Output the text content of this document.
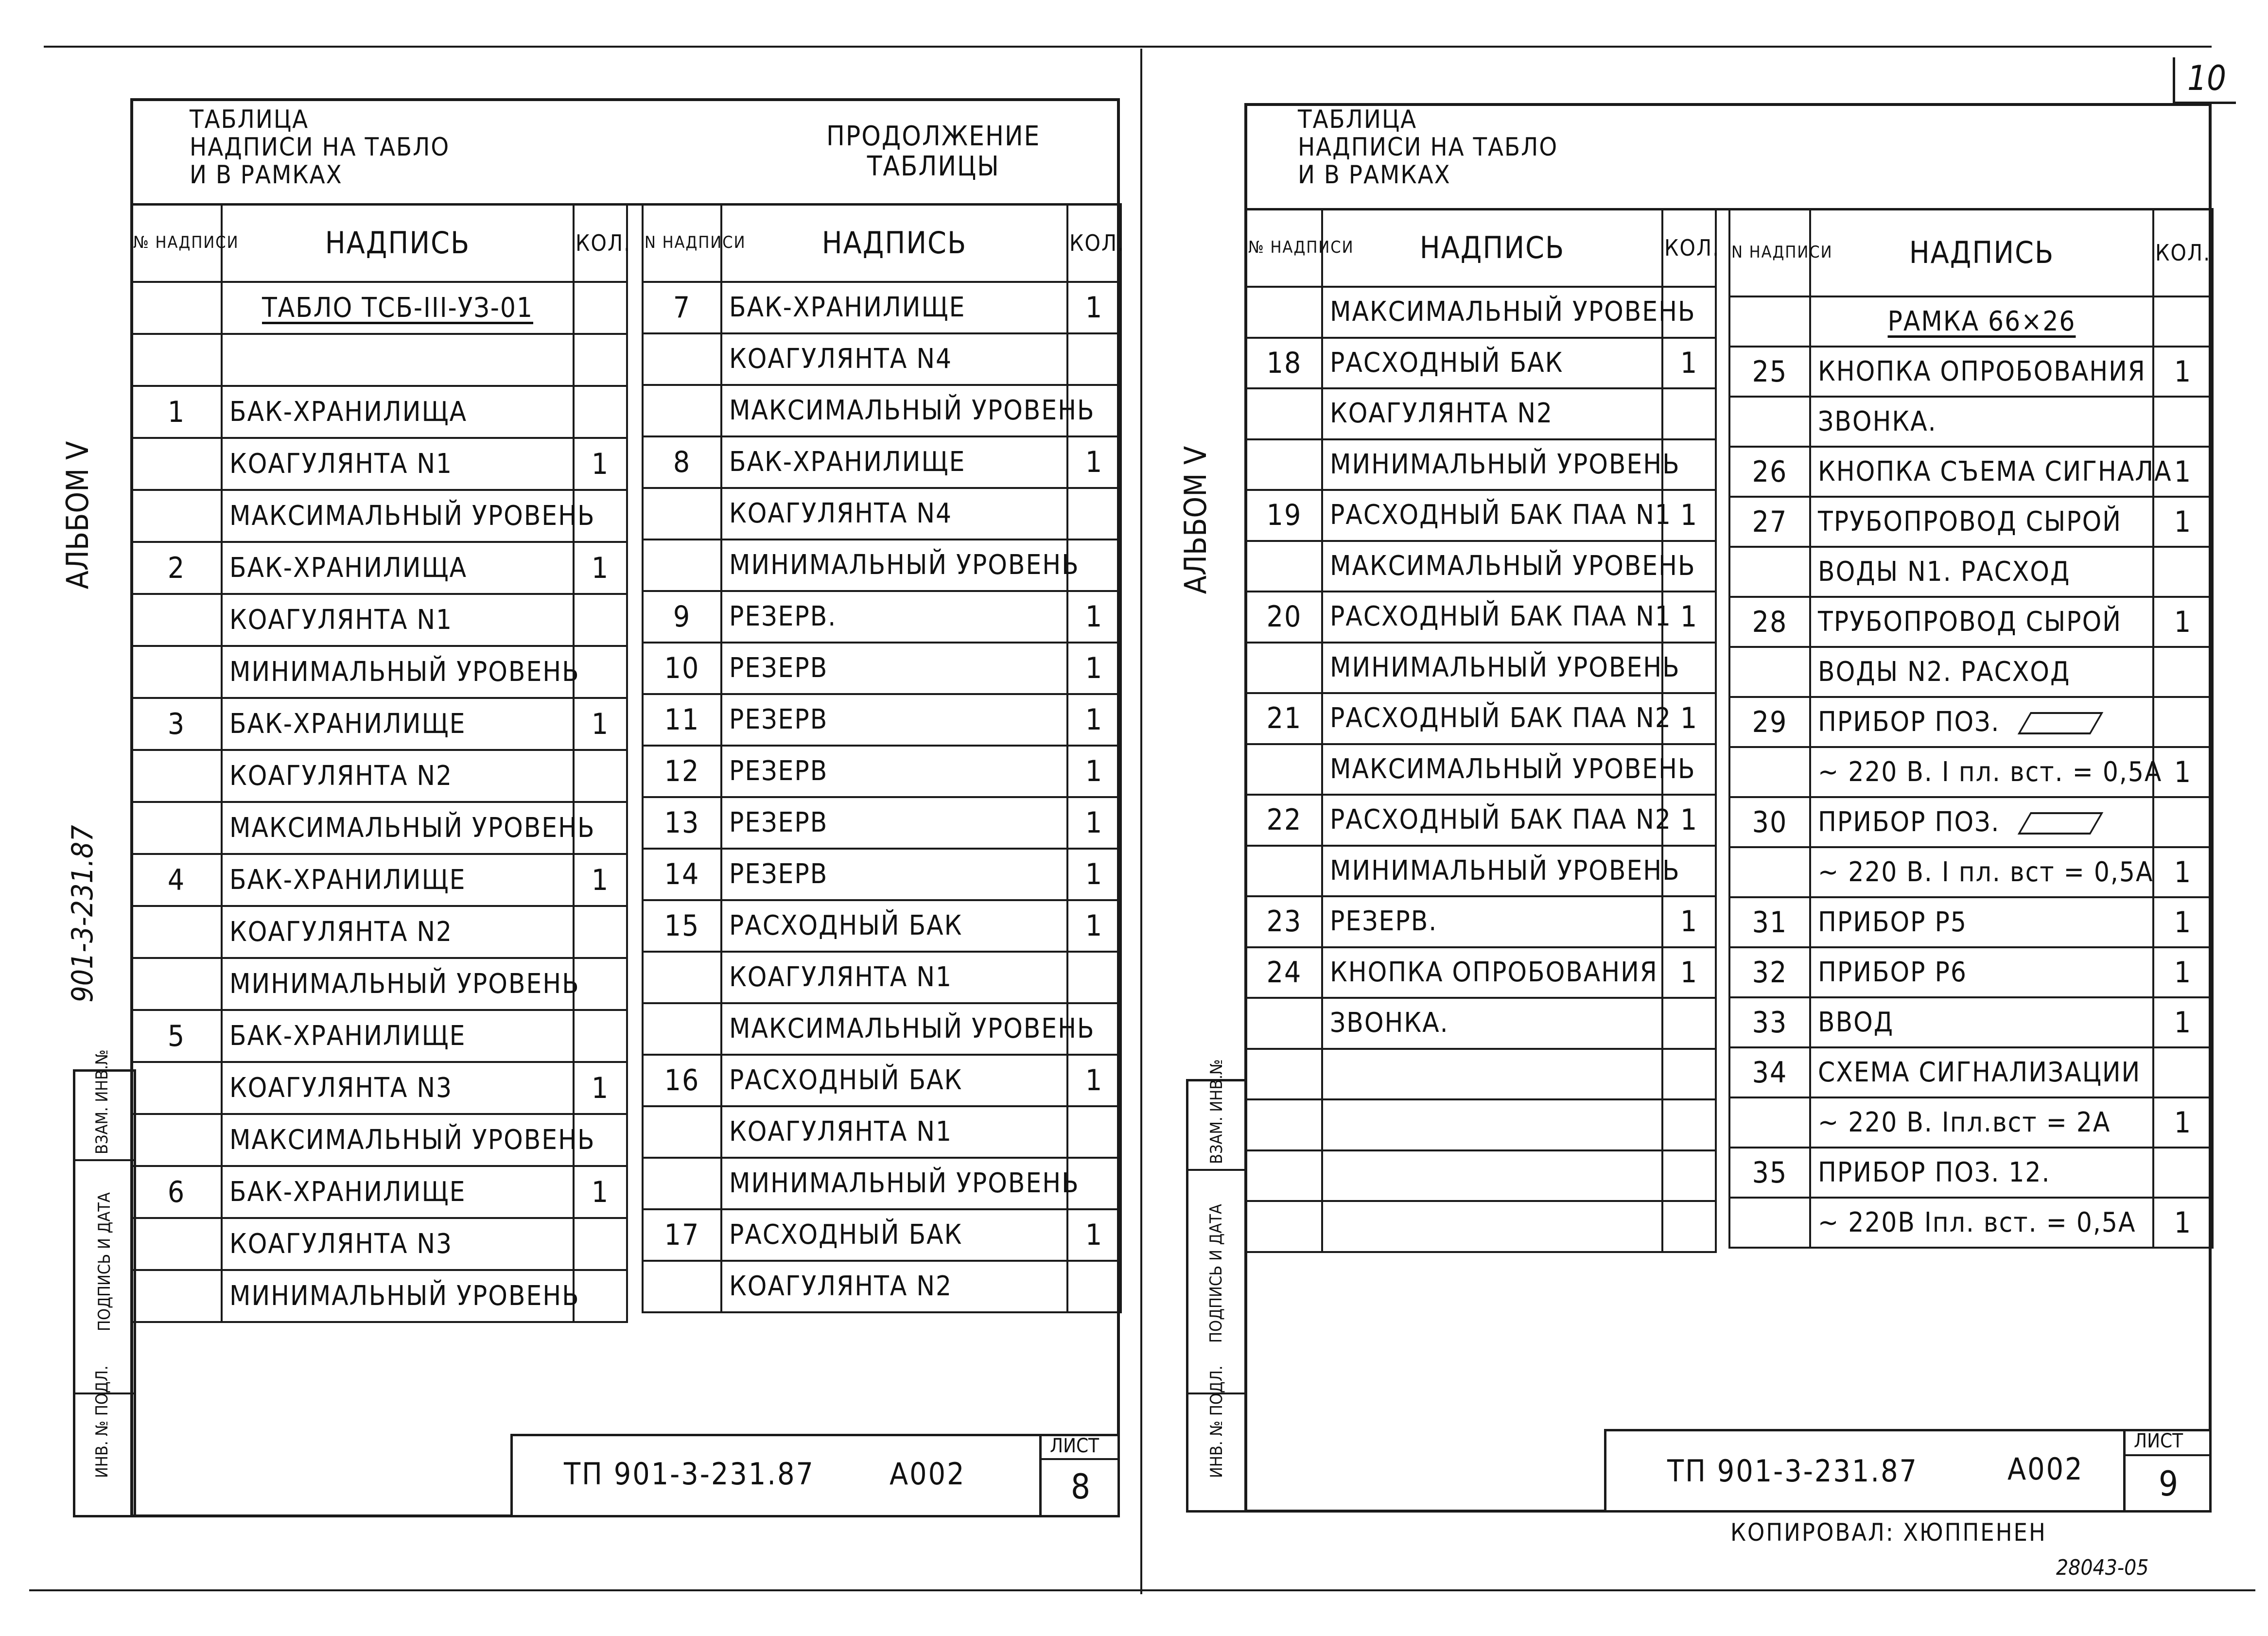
10
ТАБЛИЦА
НАДПИСИ НА ТАБЛО
И В РАМКАХ
ПРОДОЛЖЕНИЕ
ТАБЛИЦЫ
№ НАДПИСИ	НАДПИСЬ	КОЛ.
	ТАБЛО ТСБ-III-УЗ-01	

1	БАК-ХРАНИЛИЩА	
	КОАГУЛЯНТА N1	1
	МАКСИМАЛЬНЫЙ УРОВЕНЬ	
2	БАК-ХРАНИЛИЩА	1
	КОАГУЛЯНТА N1	
	МИНИМАЛЬНЫЙ УРОВЕНЬ	
3	БАК-ХРАНИЛИЩЕ	1
	КОАГУЛЯНТА N2	
	МАКСИМАЛЬНЫЙ УРОВЕНЬ	
4	БАК-ХРАНИЛИЩЕ	1
	КОАГУЛЯНТА N2	
	МИНИМАЛЬНЫЙ УРОВЕНЬ	
5	БАК-ХРАНИЛИЩЕ	
	КОАГУЛЯНТА N3	1
	МАКСИМАЛЬНЫЙ УРОВЕНЬ	
6	БАК-ХРАНИЛИЩЕ	1
	КОАГУЛЯНТА N3	
	МИНИМАЛЬНЫЙ УРОВЕНЬ	
N НАДПИСИ	НАДПИСЬ	КОЛ.
7	БАК-ХРАНИЛИЩЕ	1
	КОАГУЛЯНТА N4	
	МАКСИМАЛЬНЫЙ УРОВЕНЬ	
8	БАК-ХРАНИЛИЩЕ	1
	КОАГУЛЯНТА N4	
	МИНИМАЛЬНЫЙ УРОВЕНЬ	
9	РЕЗЕРВ.	1
10	РЕЗЕРВ	1
11	РЕЗЕРВ	1
12	РЕЗЕРВ	1
13	РЕЗЕРВ	1
14	РЕЗЕРВ	1
15	РАСХОДНЫЙ БАК	1
	КОАГУЛЯНТА N1	
	МАКСИМАЛЬНЫЙ УРОВЕНЬ	
16	РАСХОДНЫЙ БАК	1
	КОАГУЛЯНТА N1	
	МИНИМАЛЬНЫЙ УРОВЕНЬ	
17	РАСХОДНЫЙ БАК	1
	КОАГУЛЯНТА N2	
АЛЬБОМ V
901-3-231.87
ИНВ. № ПОДЛ.
ПОДПИСЬ И ДАТА
ВЗАМ. ИНВ.№
ТП 901-3-231.87 А002
ЛИСТ
8
ТАБЛИЦА
НАДПИСИ НА ТАБЛО
И В РАМКАХ
№ НАДПИСИ	НАДПИСЬ	КОЛ.
	МАКСИМАЛЬНЫЙ УРОВЕНЬ	
18	РАСХОДНЫЙ БАК	1
	КОАГУЛЯНТА N2	
	МИНИМАЛЬНЫЙ УРОВЕНЬ	
19	РАСХОДНЫЙ БАК ПАА N1	1
	МАКСИМАЛЬНЫЙ УРОВЕНЬ	
20	РАСХОДНЫЙ БАК ПАА N1	1
	МИНИМАЛЬНЫЙ УРОВЕНЬ	
21	РАСХОДНЫЙ БАК ПАА N2	1
	МАКСИМАЛЬНЫЙ УРОВЕНЬ	
22	РАСХОДНЫЙ БАК ПАА N2	1
	МИНИМАЛЬНЫЙ УРОВЕНЬ	
23	РЕЗЕРВ.	1
24	КНОПКА ОПРОБОВАНИЯ	1
	ЗВОНКА.	

N НАДПИСИ	НАДПИСЬ	КОЛ.
	РАМКА 66×26	
25	КНОПКА ОПРОБОВАНИЯ	1
	ЗВОНКА.	
26	КНОПКА СЪЕМА СИГНАЛА	1
27	ТРУБОПРОВОД СЫРОЙ	1
	ВОДЫ N1. РАСХОД	
28	ТРУБОПРОВОД СЫРОЙ	1
	ВОДЫ N2. РАСХОД	
29	ПРИБОР ПОЗ.	
	~ 220 В. I пл. вст. = 0,5А	1
30	ПРИБОР ПОЗ.	
	~ 220 В. I пл. вст = 0,5А	1
31	ПРИБОР Р5	1
32	ПРИБОР Р6	1
33	ВВОД	1
34	СХЕМА СИГНАЛИЗАЦИИ	
	~ 220 В. Iпл.вст = 2А	1
35	ПРИБОР ПОЗ. 12.	
	~ 220В Iпл. вст. = 0,5А	1
АЛЬБОМ V
ИНВ. № ПОДЛ.
ПОДПИСЬ И ДАТА
ВЗАМ. ИНВ.№
ТП 901-3-231.87	А002
ЛИСТ
9
КОПИРОВАЛ: ХЮППЕНЕН
28043-05
